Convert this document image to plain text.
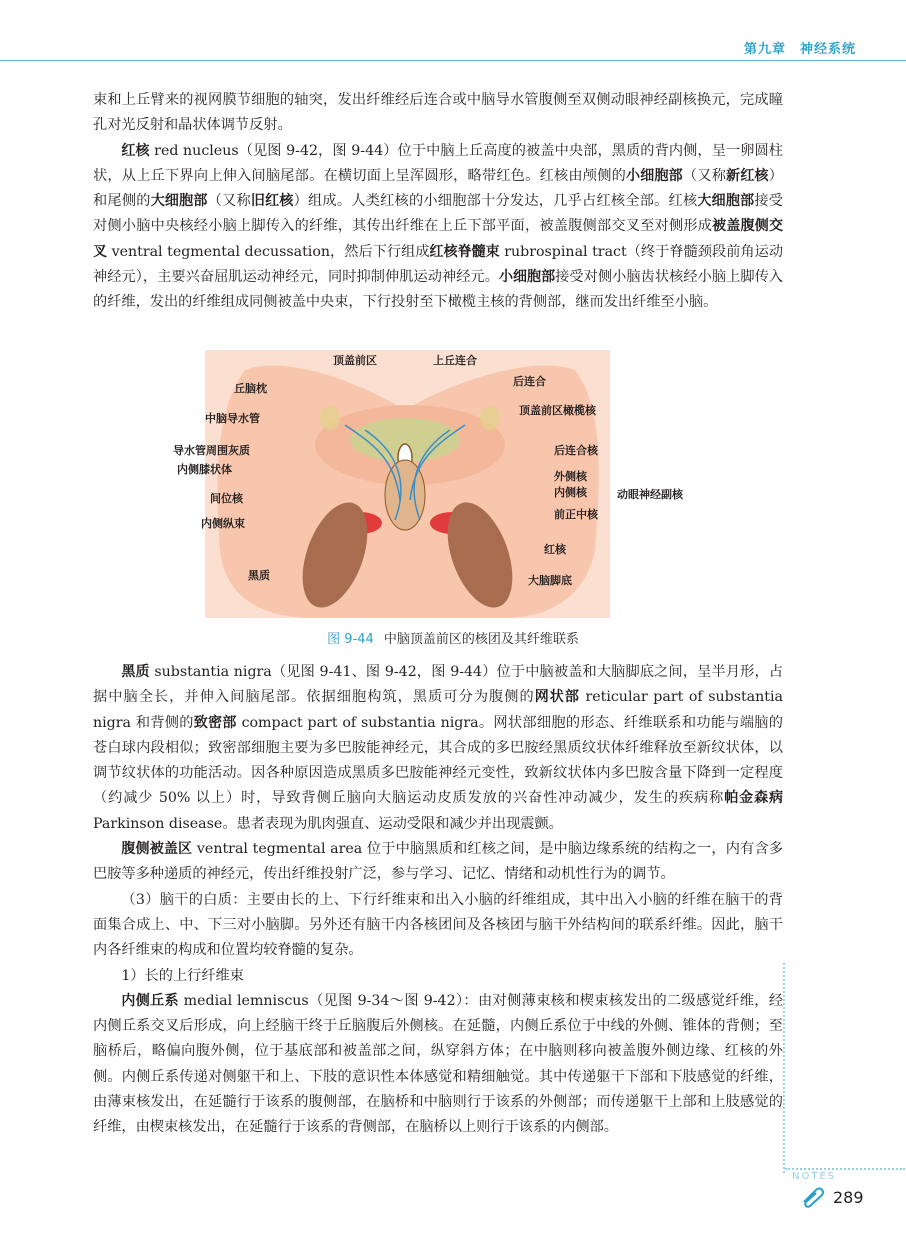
第九章　神经系统

束和上丘臂来的视网膜节细胞的轴突，发出纤维经后连合或中脑导水管腹侧至双侧动眼神经副核换元，完成瞳孔对光反射和晶状体调节反射。

红核 red nucleus（见图 9-42，图 9-44）位于中脑上丘高度的被盖中央部，黑质的背内侧，呈一卵圆柱状，从上丘下界向上伸入间脑尾部。在横切面上呈浑圆形，略带红色。红核由颅侧的小细胞部（又称新红核）和尾侧的大细胞部（又称旧红核）组成。人类红核的小细胞部十分发达，几乎占红核全部。红核大细胞部接受对侧小脑中央核经小脑上脚传入的纤维，其传出纤维在上丘下部平面，被盖腹侧部交叉至对侧形成被盖腹侧交叉 ventral tegmental decussation，然后下行组成红核脊髓束 rubrospinal tract（终于脊髓颈段前角运动神经元），主要兴奋屈肌运动神经元，同时抑制伸肌运动神经元。小细胞部接受对侧小脑齿状核经小脑上脚传入的纤维，发出的纤维组成同侧被盖中央束，下行投射至下橄榄主核的背侧部，继而发出纤维至小脑。

顶盖前区	上丘连合
丘脑枕
后连合
中脑导水管
顶盖前区橄榄核
导水管周围灰质	后连合核
内侧膝状体
外侧核
内侧核	动眼神经副核
间位核
前正中核
内侧纵束
红核
黑质	大脑脚底
图 9-44 中脑顶盖前区的核团及其纤维联系

黑质 substantia nigra（见图 9-41、图 9-42，图 9-44）位于中脑被盖和大脑脚底之间，呈半月形，占据中脑全长，并伸入间脑尾部。依据细胞构筑，黑质可分为腹侧的网状部 reticular part of substantia nigra 和背侧的致密部 compact part of substantia nigra。网状部细胞的形态、纤维联系和功能与端脑的苍白球内段相似；致密部细胞主要为多巴胺能神经元，其合成的多巴胺经黑质纹状体纤维释放至新纹状体，以调节纹状体的功能活动。因各种原因造成黑质多巴胺能神经元变性，致新纹状体内多巴胺含量下降到一定程度（约减少 50% 以上）时，导致背侧丘脑向大脑运动皮质发放的兴奋性冲动减少，发生的疾病称帕金森病 Parkinson disease。患者表现为肌肉强直、运动受限和减少并出现震颤。

腹侧被盖区 ventral tegmental area 位于中脑黑质和红核之间，是中脑边缘系统的结构之一，内有含多巴胺等多种递质的神经元，传出纤维投射广泛，参与学习、记忆、情绪和动机性行为的调节。

（3）脑干的白质：主要由长的上、下行纤维束和出入小脑的纤维组成，其中出入小脑的纤维在脑干的背面集合成上、中、下三对小脑脚。另外还有脑干内各核团间及各核团与脑干外结构间的联系纤维。因此，脑干内各纤维束的构成和位置均较脊髓的复杂。

1）长的上行纤维束

内侧丘系 medial lemniscus（见图 9-34～图 9-42）：由对侧薄束核和楔束核发出的二级感觉纤维，经内侧丘系交叉后形成，向上经脑干终于丘脑腹后外侧核。在延髓，内侧丘系位于中线的外侧、锥体的背侧；至脑桥后，略偏向腹外侧，位于基底部和被盖部之间，纵穿斜方体；在中脑则移向被盖腹外侧边缘、红核的外侧。内侧丘系传递对侧躯干和上、下肢的意识性本体感觉和精细触觉。其中传递躯干下部和下肢感觉的纤维，由薄束核发出，在延髓行于该系的腹侧部，在脑桥和中脑则行于该系的外侧部；而传递躯干上部和上肢感觉的纤维，由楔束核发出，在延髓行于该系的背侧部，在脑桥以上则行于该系的内侧部。

NOTES
289
